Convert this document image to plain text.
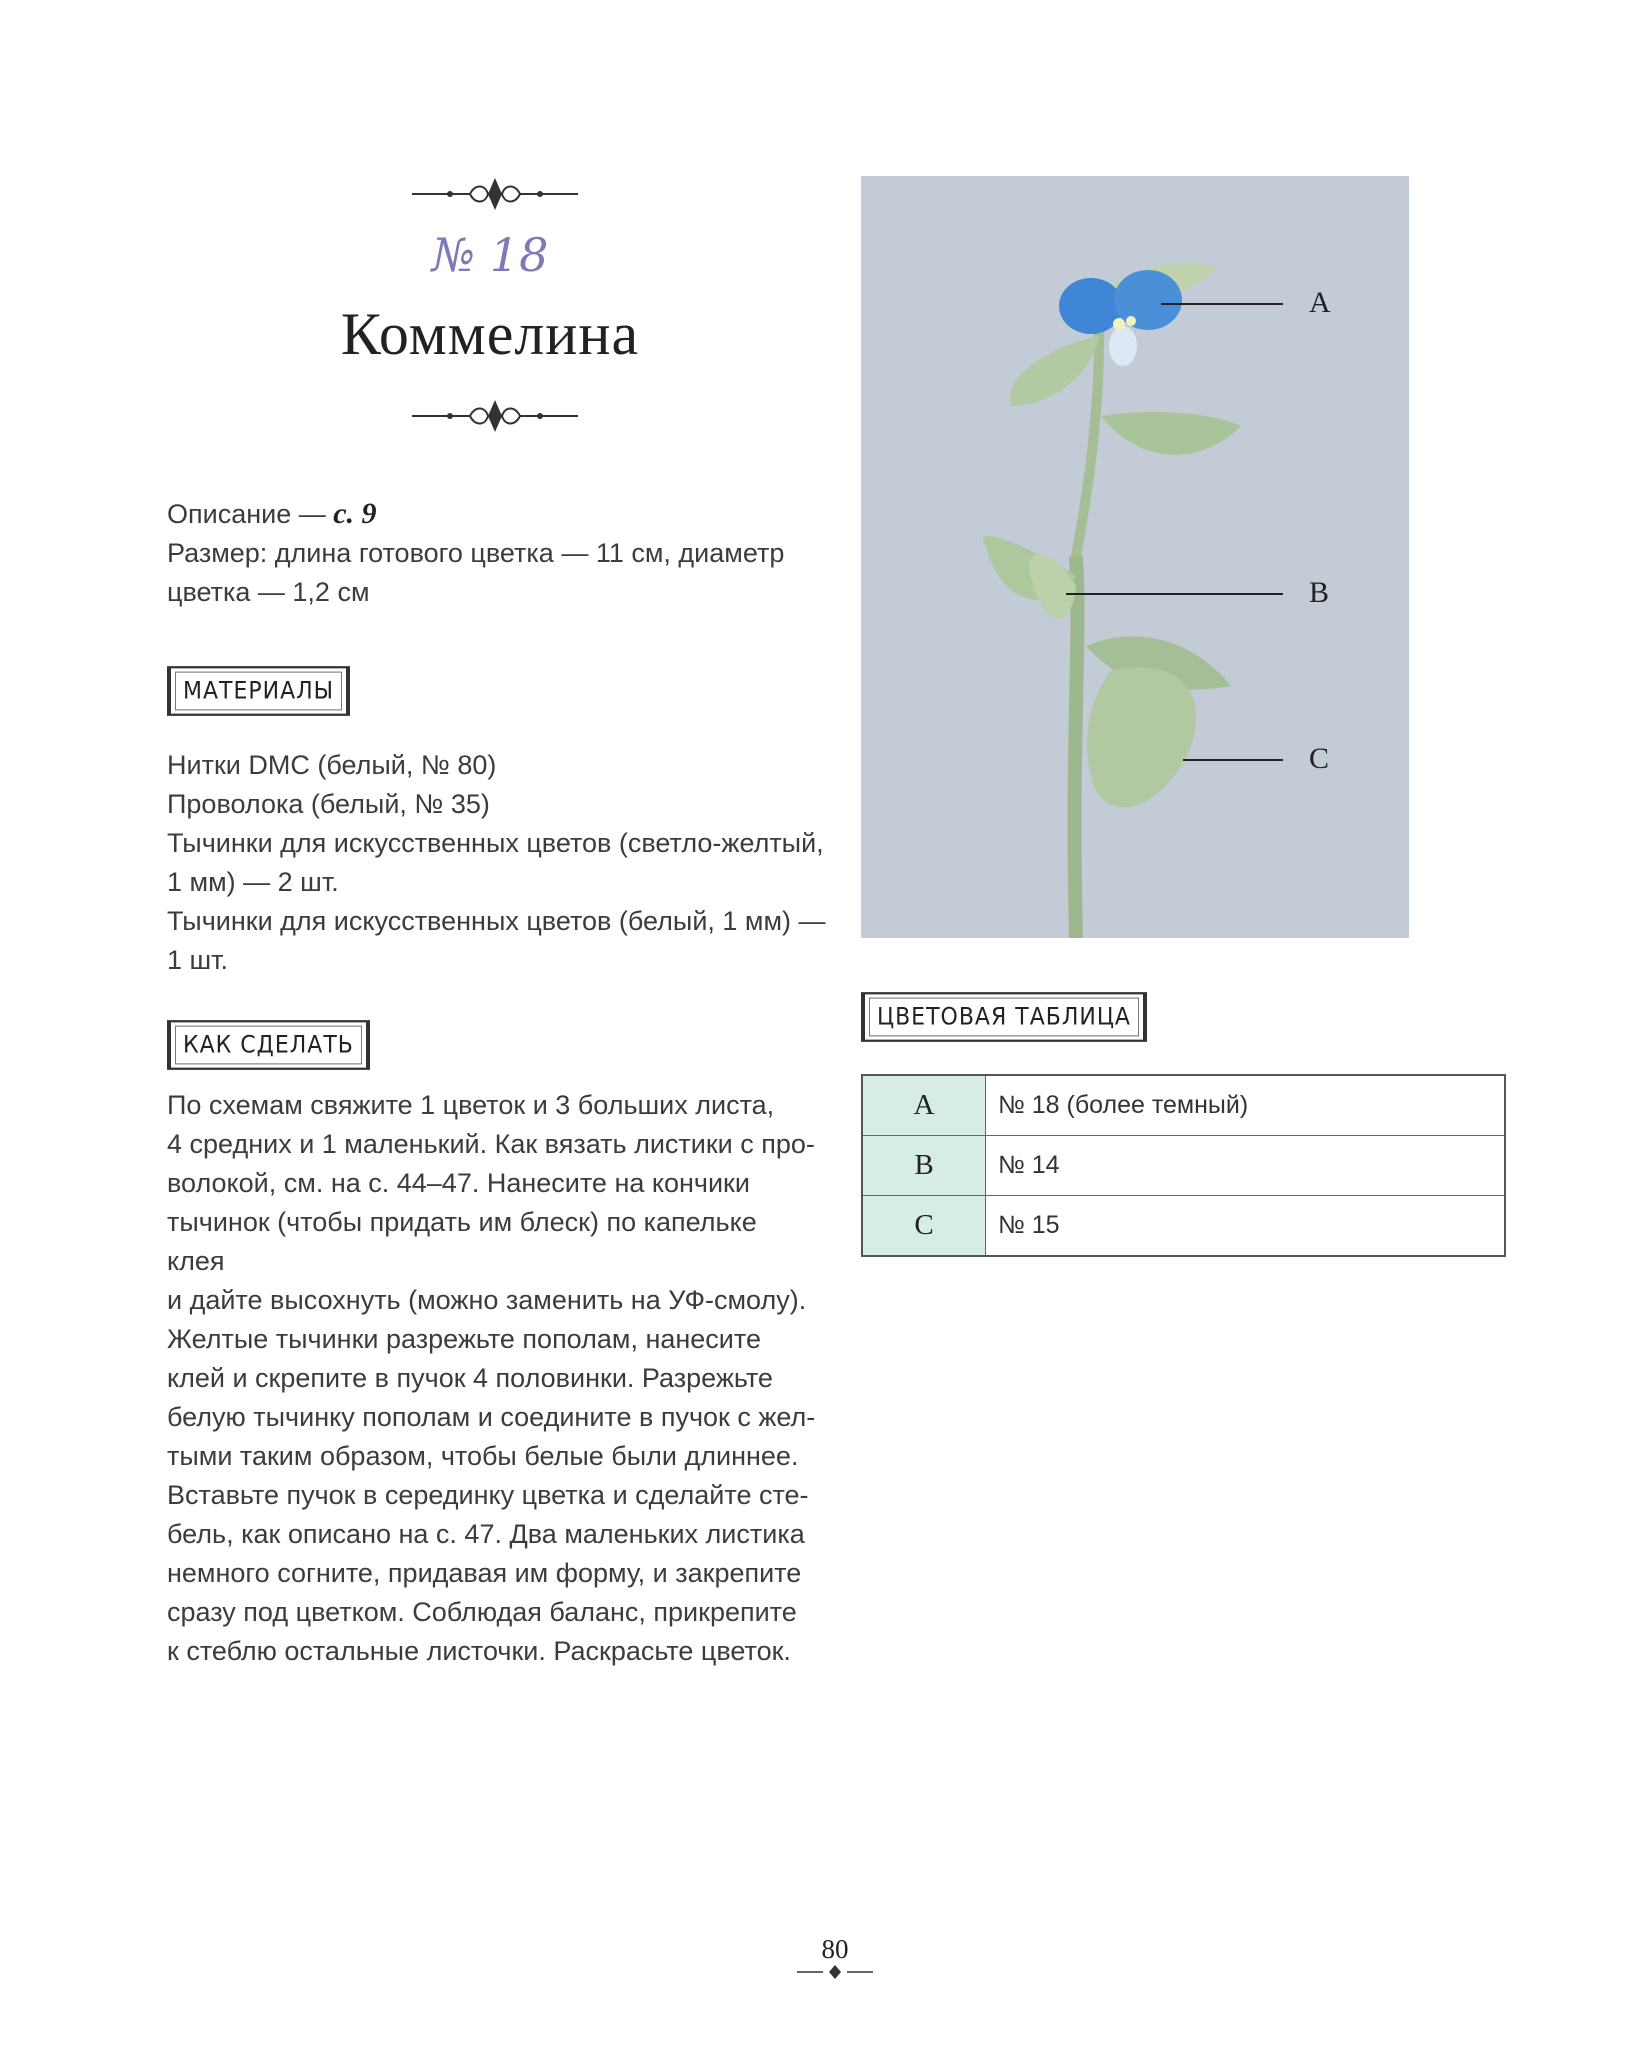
№ 18
Коммелина
Описание — с. 9
Размер: длина готового цветка — 11 см, диаметр
цветка — 1,2 см
МАТЕРИАЛЫ
Нитки DMC (белый, № 80)
Проволока (белый, № 35)
Тычинки для искусственных цветов (светло-желтый,
1 мм) — 2 шт.
Тычинки для искусственных цветов (белый, 1 мм) —
1 шт.
КАК СДЕЛАТЬ
По схемам свяжите 1 цветок и 3 больших листа,
4 средних и 1 маленький. Как вязать листики с про-
волокой, см. на с. 44–47. Нанесите на кончики
тычинок (чтобы придать им блеск) по капельке клея
и дайте высохнуть (можно заменить на УФ-смолу).
Желтые тычинки разрежьте пополам, нанесите
клей и скрепите в пучок 4 половинки. Разрежьте
белую тычинку пополам и соедините в пучок с жел-
тыми таким образом, чтобы белые были длиннее.
Вставьте пучок в серединку цветка и сделайте сте-
бель, как описано на с. 47. Два маленьких листика
немного согните, придавая им форму, и закрепите
сразу под цветком. Соблюдая баланс, прикрепите
к стеблю остальные листочки. Раскрасьте цветок.
A
B
C
ЦВЕТОВАЯ ТАБЛИЦА
A	№ 18 (более темный)
B	№ 14
C	№ 15
80
